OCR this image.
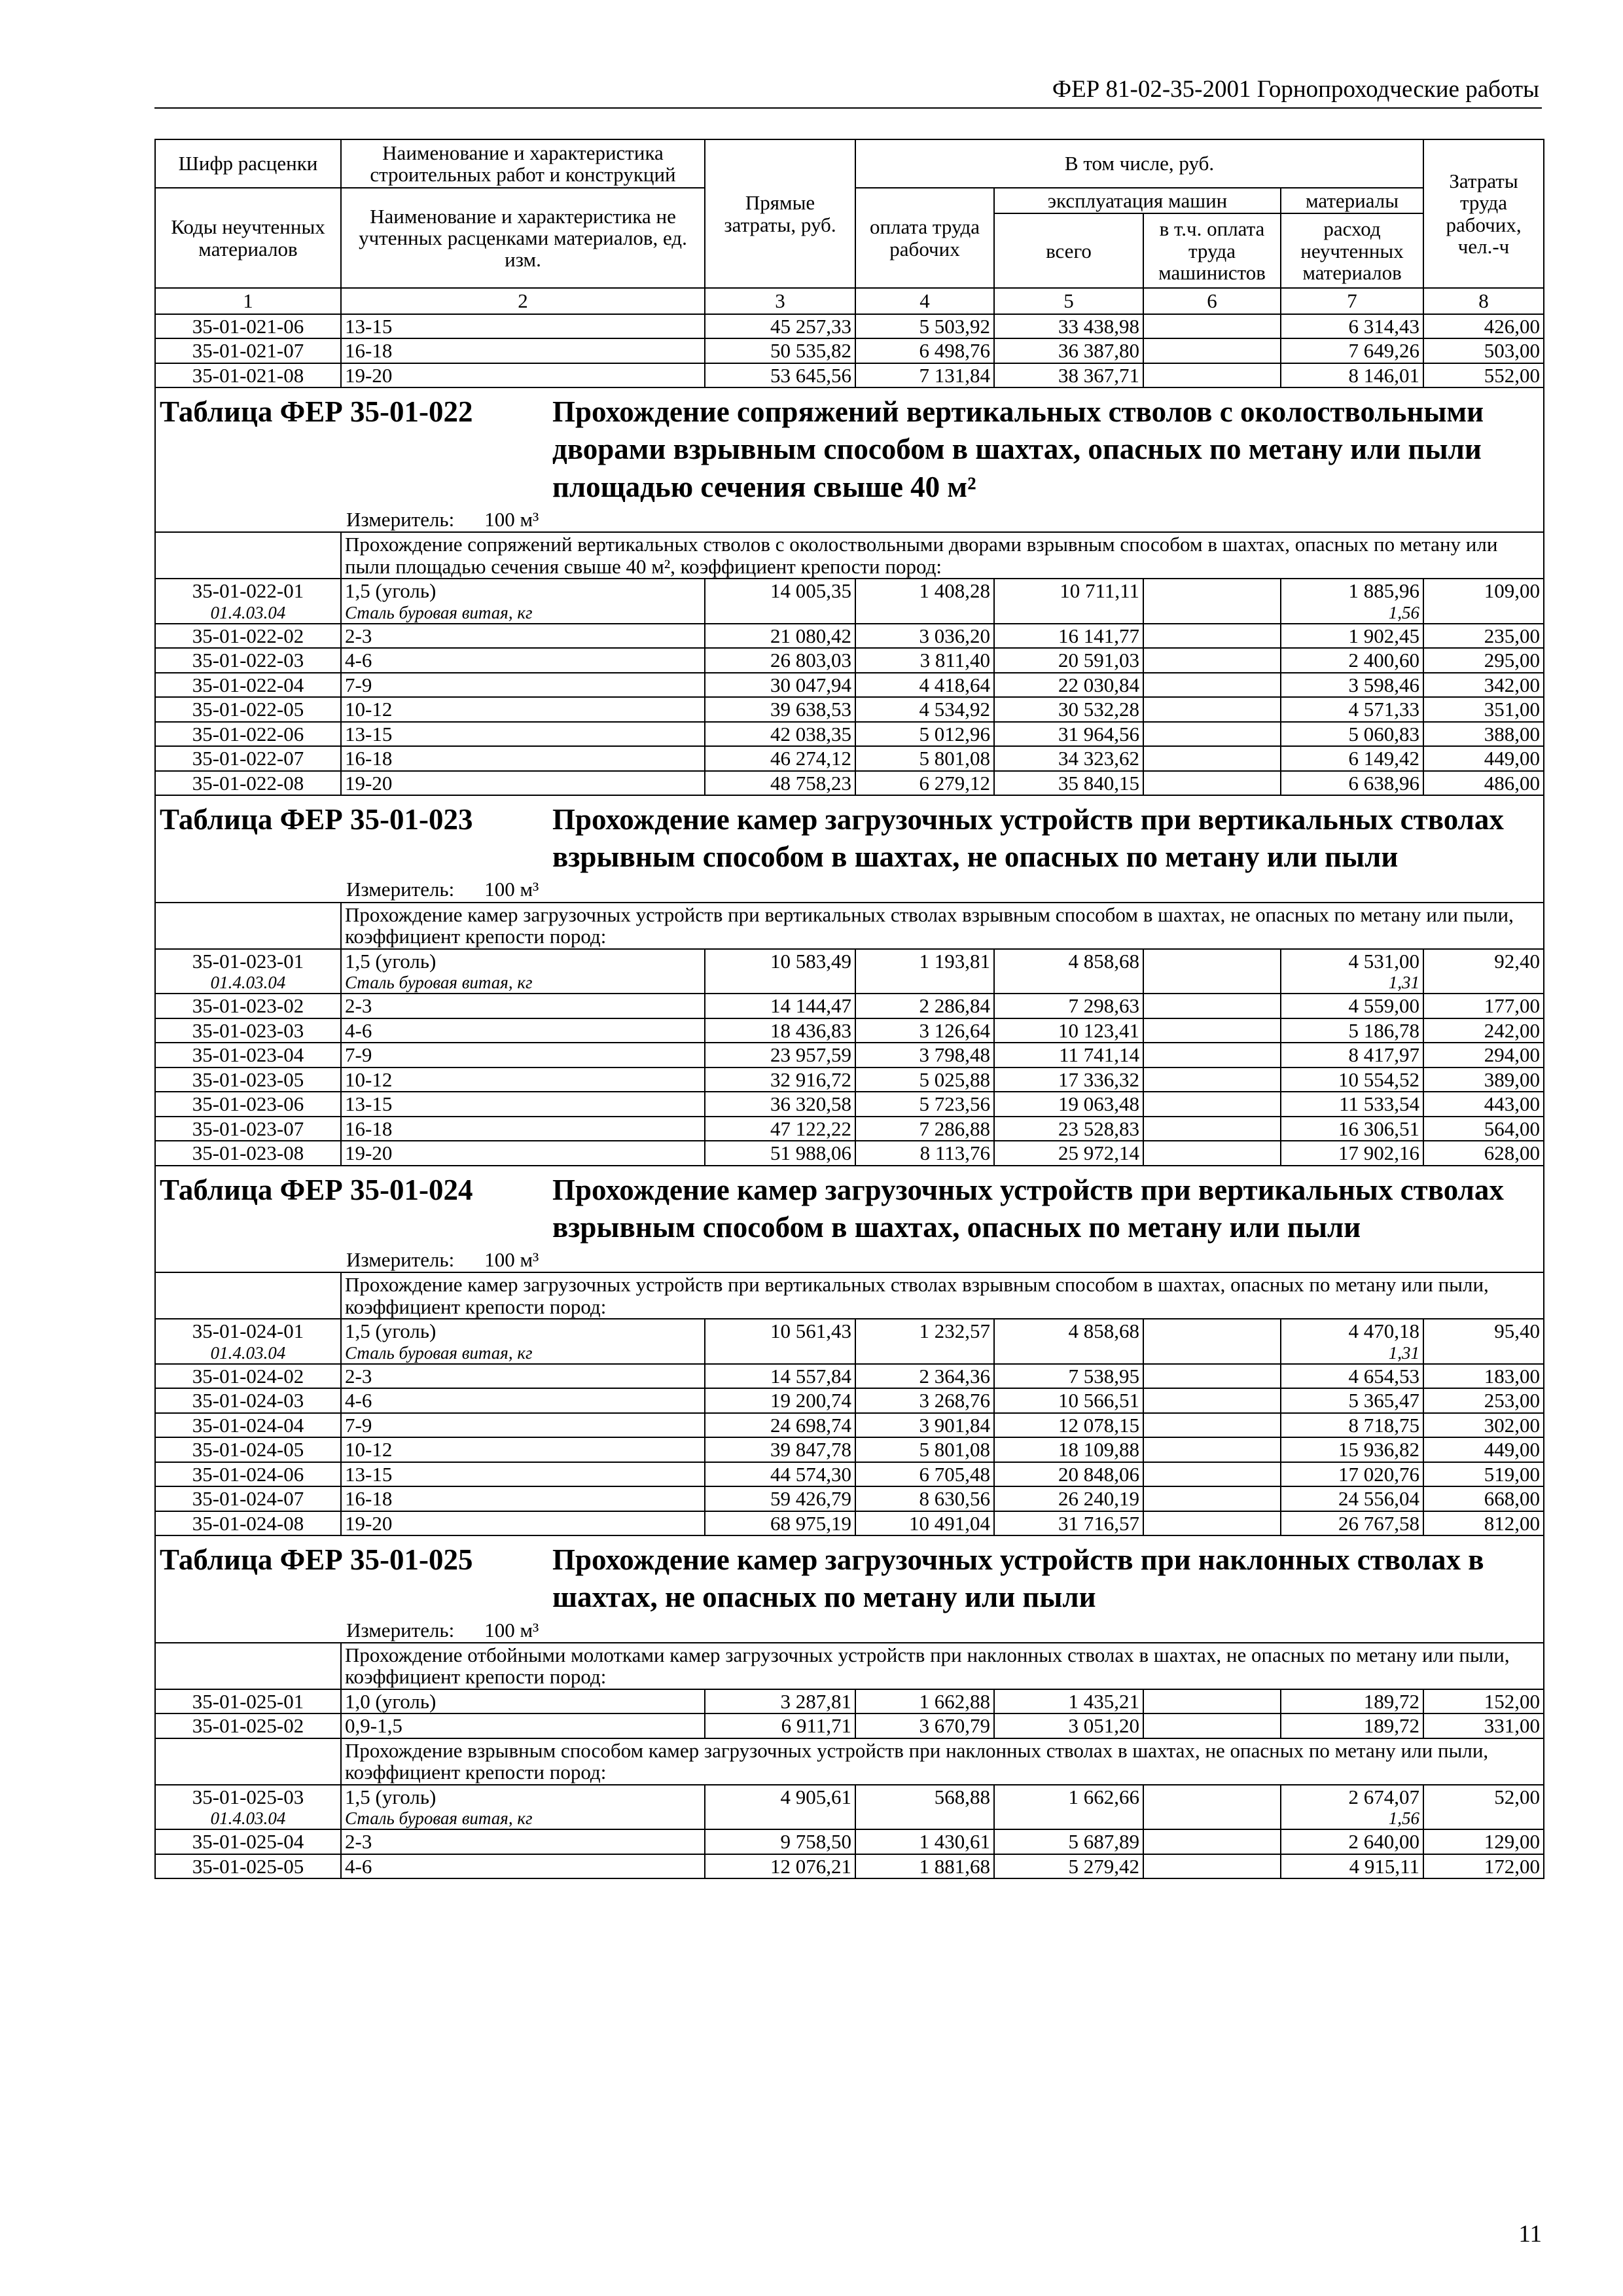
ФЕР 81-02-35-2001 Горнопроходческие работы
Шифр расценки	Наименование и характеристика строительных работ и конструкций	Прямые затраты, руб.	В том числе, руб.				Затраты труда рабочих, чел.-ч
Коды неучтенных материалов	Наименование и характеристика не учтенных расценками материалов, ед. изм.		оплата труда рабочих	эксплуатация машин		материалы	
				всего	в т.ч. оплата труда машинистов	расход неучтенных материалов	
1	2	3	4	5	6	7	8
35-01-021-06	13-15	45 257,33	5 503,92	33 438,98		6 314,43	426,00
35-01-021-07	16-18	50 535,82	6 498,76	36 387,80		7 649,26	503,00
35-01-021-08	19-20	53 645,56	7 131,84	38 367,71		8 146,01	552,00

Таблица ФЕР 35-01-022 Прохождение сопряжений вертикальных стволов с околоствольными дворами взрывным способом в шахтах, опасных по метану или пыли площадью сечения свыше 40 м²							

Измеритель: 100 м³							

	Прохождение сопряжений вертикальных стволов с околоствольными дворами взрывным способом в шахтах, опасных по метану или пыли площадью сечения свыше 40 м², коэффициент крепости пород:						
35-01-022-01	1,5 (уголь)	14 005,35	1 408,28	10 711,11		1 885,96	109,00
01.4.03.04	Сталь буровая витая, кг					1,56	
35-01-022-02	2-3	21 080,42	3 036,20	16 141,77		1 902,45	235,00
35-01-022-03	4-6	26 803,03	3 811,40	20 591,03		2 400,60	295,00
35-01-022-04	7-9	30 047,94	4 418,64	22 030,84		3 598,46	342,00
35-01-022-05	10-12	39 638,53	4 534,92	30 532,28		4 571,33	351,00
35-01-022-06	13-15	42 038,35	5 012,96	31 964,56		5 060,83	388,00
35-01-022-07	16-18	46 274,12	5 801,08	34 323,62		6 149,42	449,00
35-01-022-08	19-20	48 758,23	6 279,12	35 840,15		6 638,96	486,00

Таблица ФЕР 35-01-023 Прохождение камер загрузочных устройств при вертикальных стволах взрывным способом в шахтах, не опасных по метану или пыли							

Измеритель: 100 м³							

	Прохождение камер загрузочных устройств при вертикальных стволах взрывным способом в шахтах, не опасных по метану или пыли, коэффициент крепости пород:						
35-01-023-01	1,5 (уголь)	10 583,49	1 193,81	4 858,68		4 531,00	92,40
01.4.03.04	Сталь буровая витая, кг					1,31	
35-01-023-02	2-3	14 144,47	2 286,84	7 298,63		4 559,00	177,00
35-01-023-03	4-6	18 436,83	3 126,64	10 123,41		5 186,78	242,00
35-01-023-04	7-9	23 957,59	3 798,48	11 741,14		8 417,97	294,00
35-01-023-05	10-12	32 916,72	5 025,88	17 336,32		10 554,52	389,00
35-01-023-06	13-15	36 320,58	5 723,56	19 063,48		11 533,54	443,00
35-01-023-07	16-18	47 122,22	7 286,88	23 528,83		16 306,51	564,00
35-01-023-08	19-20	51 988,06	8 113,76	25 972,14		17 902,16	628,00

Таблица ФЕР 35-01-024 Прохождение камер загрузочных устройств при вертикальных стволах взрывным способом в шахтах, опасных по метану или пыли							

Измеритель: 100 м³							

	Прохождение камер загрузочных устройств при вертикальных стволах взрывным способом в шахтах, опасных по метану или пыли, коэффициент крепости пород:						
35-01-024-01	1,5 (уголь)	10 561,43	1 232,57	4 858,68		4 470,18	95,40
01.4.03.04	Сталь буровая витая, кг					1,31	
35-01-024-02	2-3	14 557,84	2 364,36	7 538,95		4 654,53	183,00
35-01-024-03	4-6	19 200,74	3 268,76	10 566,51		5 365,47	253,00
35-01-024-04	7-9	24 698,74	3 901,84	12 078,15		8 718,75	302,00
35-01-024-05	10-12	39 847,78	5 801,08	18 109,88		15 936,82	449,00
35-01-024-06	13-15	44 574,30	6 705,48	20 848,06		17 020,76	519,00
35-01-024-07	16-18	59 426,79	8 630,56	26 240,19		24 556,04	668,00
35-01-024-08	19-20	68 975,19	10 491,04	31 716,57		26 767,58	812,00

Таблица ФЕР 35-01-025 Прохождение камер загрузочных устройств при наклонных стволах в шахтах, не опасных по метану или пыли							

Измеритель: 100 м³							

	Прохождение отбойными молотками камер загрузочных устройств при наклонных стволах в шахтах, не опасных по метану или пыли, коэффициент крепости пород:						
35-01-025-01	1,0 (уголь)	3 287,81	1 662,88	1 435,21		189,72	152,00
35-01-025-02	0,9-1,5	6 911,71	3 670,79	3 051,20		189,72	331,00
	Прохождение взрывным способом камер загрузочных устройств при наклонных стволах в шахтах, не опасных по метану или пыли, коэффициент крепости пород:						
35-01-025-03	1,5 (уголь)	4 905,61	568,88	1 662,66		2 674,07	52,00
01.4.03.04	Сталь буровая витая, кг					1,56	
35-01-025-04	2-3	9 758,50	1 430,61	5 687,89		2 640,00	129,00
35-01-025-05	4-6	12 076,21	1 881,68	5 279,42		4 915,11	172,00
11
